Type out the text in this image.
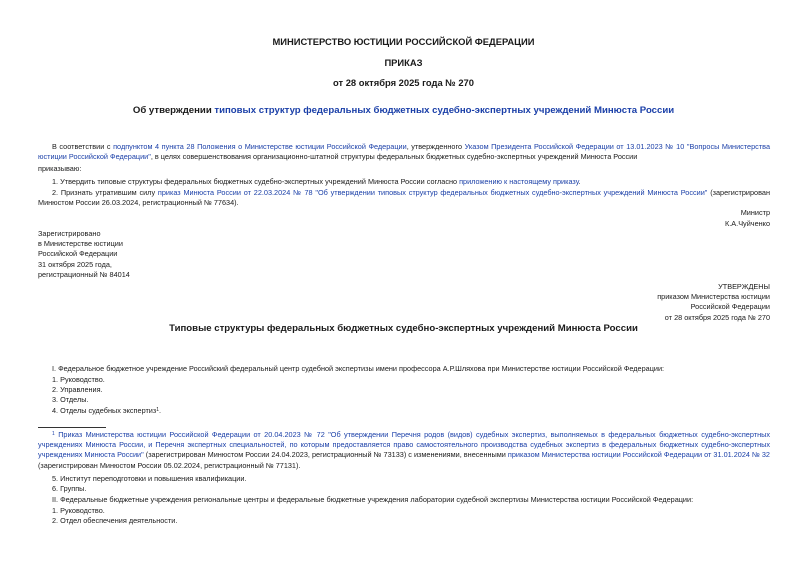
МИНИСТЕРСТВО ЮСТИЦИИ РОССИЙСКОЙ ФЕДЕРАЦИИ
ПРИКАЗ
от 28 октября 2025 года № 270
Об утверждении типовых структур федеральных бюджетных судебно-экспертных учреждений Минюста России
В соответствии с подпунктом 4 пункта 28 Положения о Министерстве юстиции Российской Федерации, утвержденного Указом Президента Российской Федерации от 13.01.2023 № 10 "Вопросы Министерства юстиции Российской Федерации", в целях совершенствования организационно-штатной структуры федеральных бюджетных судебно-экспертных учреждений Минюста России
приказываю:
1. Утвердить типовые структуры федеральных бюджетных судебно-экспертных учреждений Минюста России согласно приложению к настоящему приказу.
2. Признать утратившим силу приказ Минюста России от 22.03.2024 № 78 "Об утверждении типовых структур федеральных бюджетных судебно-экспертных учреждений Минюста России" (зарегистрирован Минюстом России 26.03.2024, регистрационный № 77634).
Министр
К.А.Чуйченко
Зарегистрировано
в Министерстве юстиции
Российской Федерации
31 октября 2025 года,
регистрационный № 84014
УТВЕРЖДЕНЫ
приказом Министерства юстиции
Российской Федерации
от 28 октября 2025 года № 270
Типовые структуры федеральных бюджетных судебно-экспертных учреждений Минюста России
I. Федеральное бюджетное учреждение Российский федеральный центр судебной экспертизы имени профессора А.Р.Шляхова при Министерстве юстиции Российской Федерации:
1. Руководство.
2. Управления.
3. Отделы.
4. Отделы судебных экспертиз$^1$.
$^1$ Приказ Министерства юстиции Российской Федерации от 20.04.2023 № 72 "Об утверждении Перечня родов (видов) судебных экспертиз, выполняемых в федеральных бюджетных судебно-экспертных учреждениях Минюста России, и Перечня экспертных специальностей, по которым предоставляется право самостоятельного производства судебных экспертиз в федеральных бюджетных судебно-экспертных учреждениях Минюста России" (зарегистрирован Минюстом России 24.04.2023, регистрационный № 73133) с изменениями, внесенными приказом Министерства юстиции Российской Федерации от 31.01.2024 № 32 (зарегистрирован Минюстом России 05.02.2024, регистрационный № 77131).
5. Институт переподготовки и повышения квалификации.
6. Группы.
II. Федеральные бюджетные учреждения региональные центры и федеральные бюджетные учреждения лаборатории судебной экспертизы Министерства юстиции Российской Федерации:
1. Руководство.
2. Отдел обеспечения деятельности.
